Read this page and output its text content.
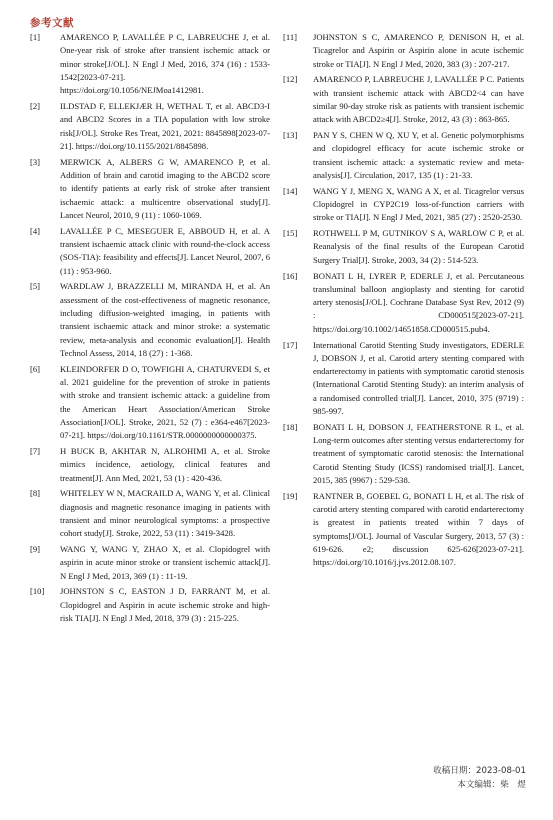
参考文献
[1] AMARENCO P, LAVALLÉE P C, LABREUCHE J, et al. One-year risk of stroke after transient ischemic attack or minor stroke[J/OL]. N Engl J Med, 2016, 374 (16) : 1533-1542[2023-07-21]. https://doi.org/10.1056/NEJMoa1412981.
[2] ILDSTAD F, ELLEKJÆR H, WETHAL T, et al. ABCD3-I and ABCD2 Scores in a TIA population with low stroke risk[J/OL]. Stroke Res Treat, 2021, 2021: 8845898[2023-07-21]. https://doi.org/10.1155/2021/8845898.
[3] MERWICK A, ALBERS G W, AMARENCO P, et al. Addition of brain and carotid imaging to the ABCD2 score to identify patients at early risk of stroke after transient ischaemic attack: a multicentre observational study[J]. Lancet Neurol, 2010, 9 (11) : 1060-1069.
[4] LAVALLÉE P C, MESEGUER E, ABBOUD H, et al. A transient ischaemic attack clinic with round-the-clock access (SOS-TIA): feasibility and effects[J]. Lancet Neurol, 2007, 6 (11) : 953-960.
[5] WARDLAW J, BRAZZELLI M, MIRANDA H, et al. An assessment of the cost-effectiveness of magnetic resonance, including diffusion-weighted imaging, in patients with transient ischaemic attack and minor stroke: a systematic review, meta-analysis and economic evaluation[J]. Health Technol Assess, 2014, 18 (27) : 1-368.
[6] KLEINDORFER D O, TOWFIGHI A, CHATURVEDI S, et al. 2021 guideline for the prevention of stroke in patients with stroke and transient ischemic attack: a guideline from the American Heart Association/American Stroke Association[J/OL]. Stroke, 2021, 52 (7) : e364-e467[2023-07-21]. https://doi.org/10.1161/STR.0000000000000375.
[7] H BUCK B, AKHTAR N, ALROHIMI A, et al. Stroke mimics incidence, aetiology, clinical features and treatment[J]. Ann Med, 2021, 53 (1) : 420-436.
[8] WHITELEY W N, MACRAILD A, WANG Y, et al. Clinical diagnosis and magnetic resonance imaging in patients with transient and minor neurological symptoms: a prospective cohort study[J]. Stroke, 2022, 53 (11) : 3419-3428.
[9] WANG Y, WANG Y, ZHAO X, et al. Clopidogrel with aspirin in acute minor stroke or transient ischemic attack[J]. N Engl J Med, 2013, 369 (1) : 11-19.
[10] JOHNSTON S C, EASTON J D, FARRANT M, et al. Clopidogrel and Aspirin in acute ischemic stroke and high-risk TIA[J]. N Engl J Med, 2018, 379 (3) : 215-225.
[11] JOHNSTON S C, AMARENCO P, DENISON H, et al. Ticagrelor and Aspirin or Aspirin alone in acute ischemic stroke or TIA[J]. N Engl J Med, 2020, 383 (3) : 207-217.
[12] AMARENCO P, LABREUCHE J, LAVALLÉE P C. Patients with transient ischemic attack with ABCD2<4 can have similar 90-day stroke risk as patients with transient ischemic attack with ABCD2≥4[J]. Stroke, 2012, 43 (3) : 863-865.
[13] PAN Y S, CHEN W Q, XU Y, et al. Genetic polymorphisms and clopidogrel efficacy for acute ischemic stroke or transient ischemic attack: a systematic review and meta-analysis[J]. Circulation, 2017, 135 (1) : 21-33.
[14] WANG Y J, MENG X, WANG A X, et al. Ticagrelor versus Clopidogrel in CYP2C19 loss-of-function carriers with stroke or TIA[J]. N Engl J Med, 2021, 385 (27) : 2520-2530.
[15] ROTHWELL P M, GUTNIKOV S A, WARLOW C P, et al. Reanalysis of the final results of the European Carotid Surgery Trial[J]. Stroke, 2003, 34 (2) : 514-523.
[16] BONATI L H, LYRER P, EDERLE J, et al. Percutaneous transluminal balloon angioplasty and stenting for carotid artery stenosis[J/OL]. Cochrane Database Syst Rev, 2012 (9) : CD000515[2023-07-21]. https://doi.org/10.1002/14651858.CD000515.pub4.
[17] International Carotid Stenting Study investigators, EDERLE J, DOBSON J, et al. Carotid artery stenting compared with endarterectomy in patients with symptomatic carotid stenosis (International Carotid Stenting Study): an interim analysis of a randomised controlled trial[J]. Lancet, 2010, 375 (9719) : 985-997.
[18] BONATI L H, DOBSON J, FEATHERSTONE R L, et al. Long-term outcomes after stenting versus endarterectomy for treatment of symptomatic carotid stenosis: the International Carotid Stenting Study (ICSS) randomised trial[J]. Lancet, 2015, 385 (9967) : 529-538.
[19] RANTNER B, GOEBEL G, BONATI L H, et al. The risk of carotid artery stenting compared with carotid endarterectomy is greatest in patients treated within 7 days of symptoms[J/OL]. Journal of Vascular Surgery, 2013, 57 (3) : 619-626. e2; discussion 625-626[2023-07-21]. https://doi.org/10.1016/j.jvs.2012.08.107.
收稿日期：2023-08-01
本文编辑：柴　煜
